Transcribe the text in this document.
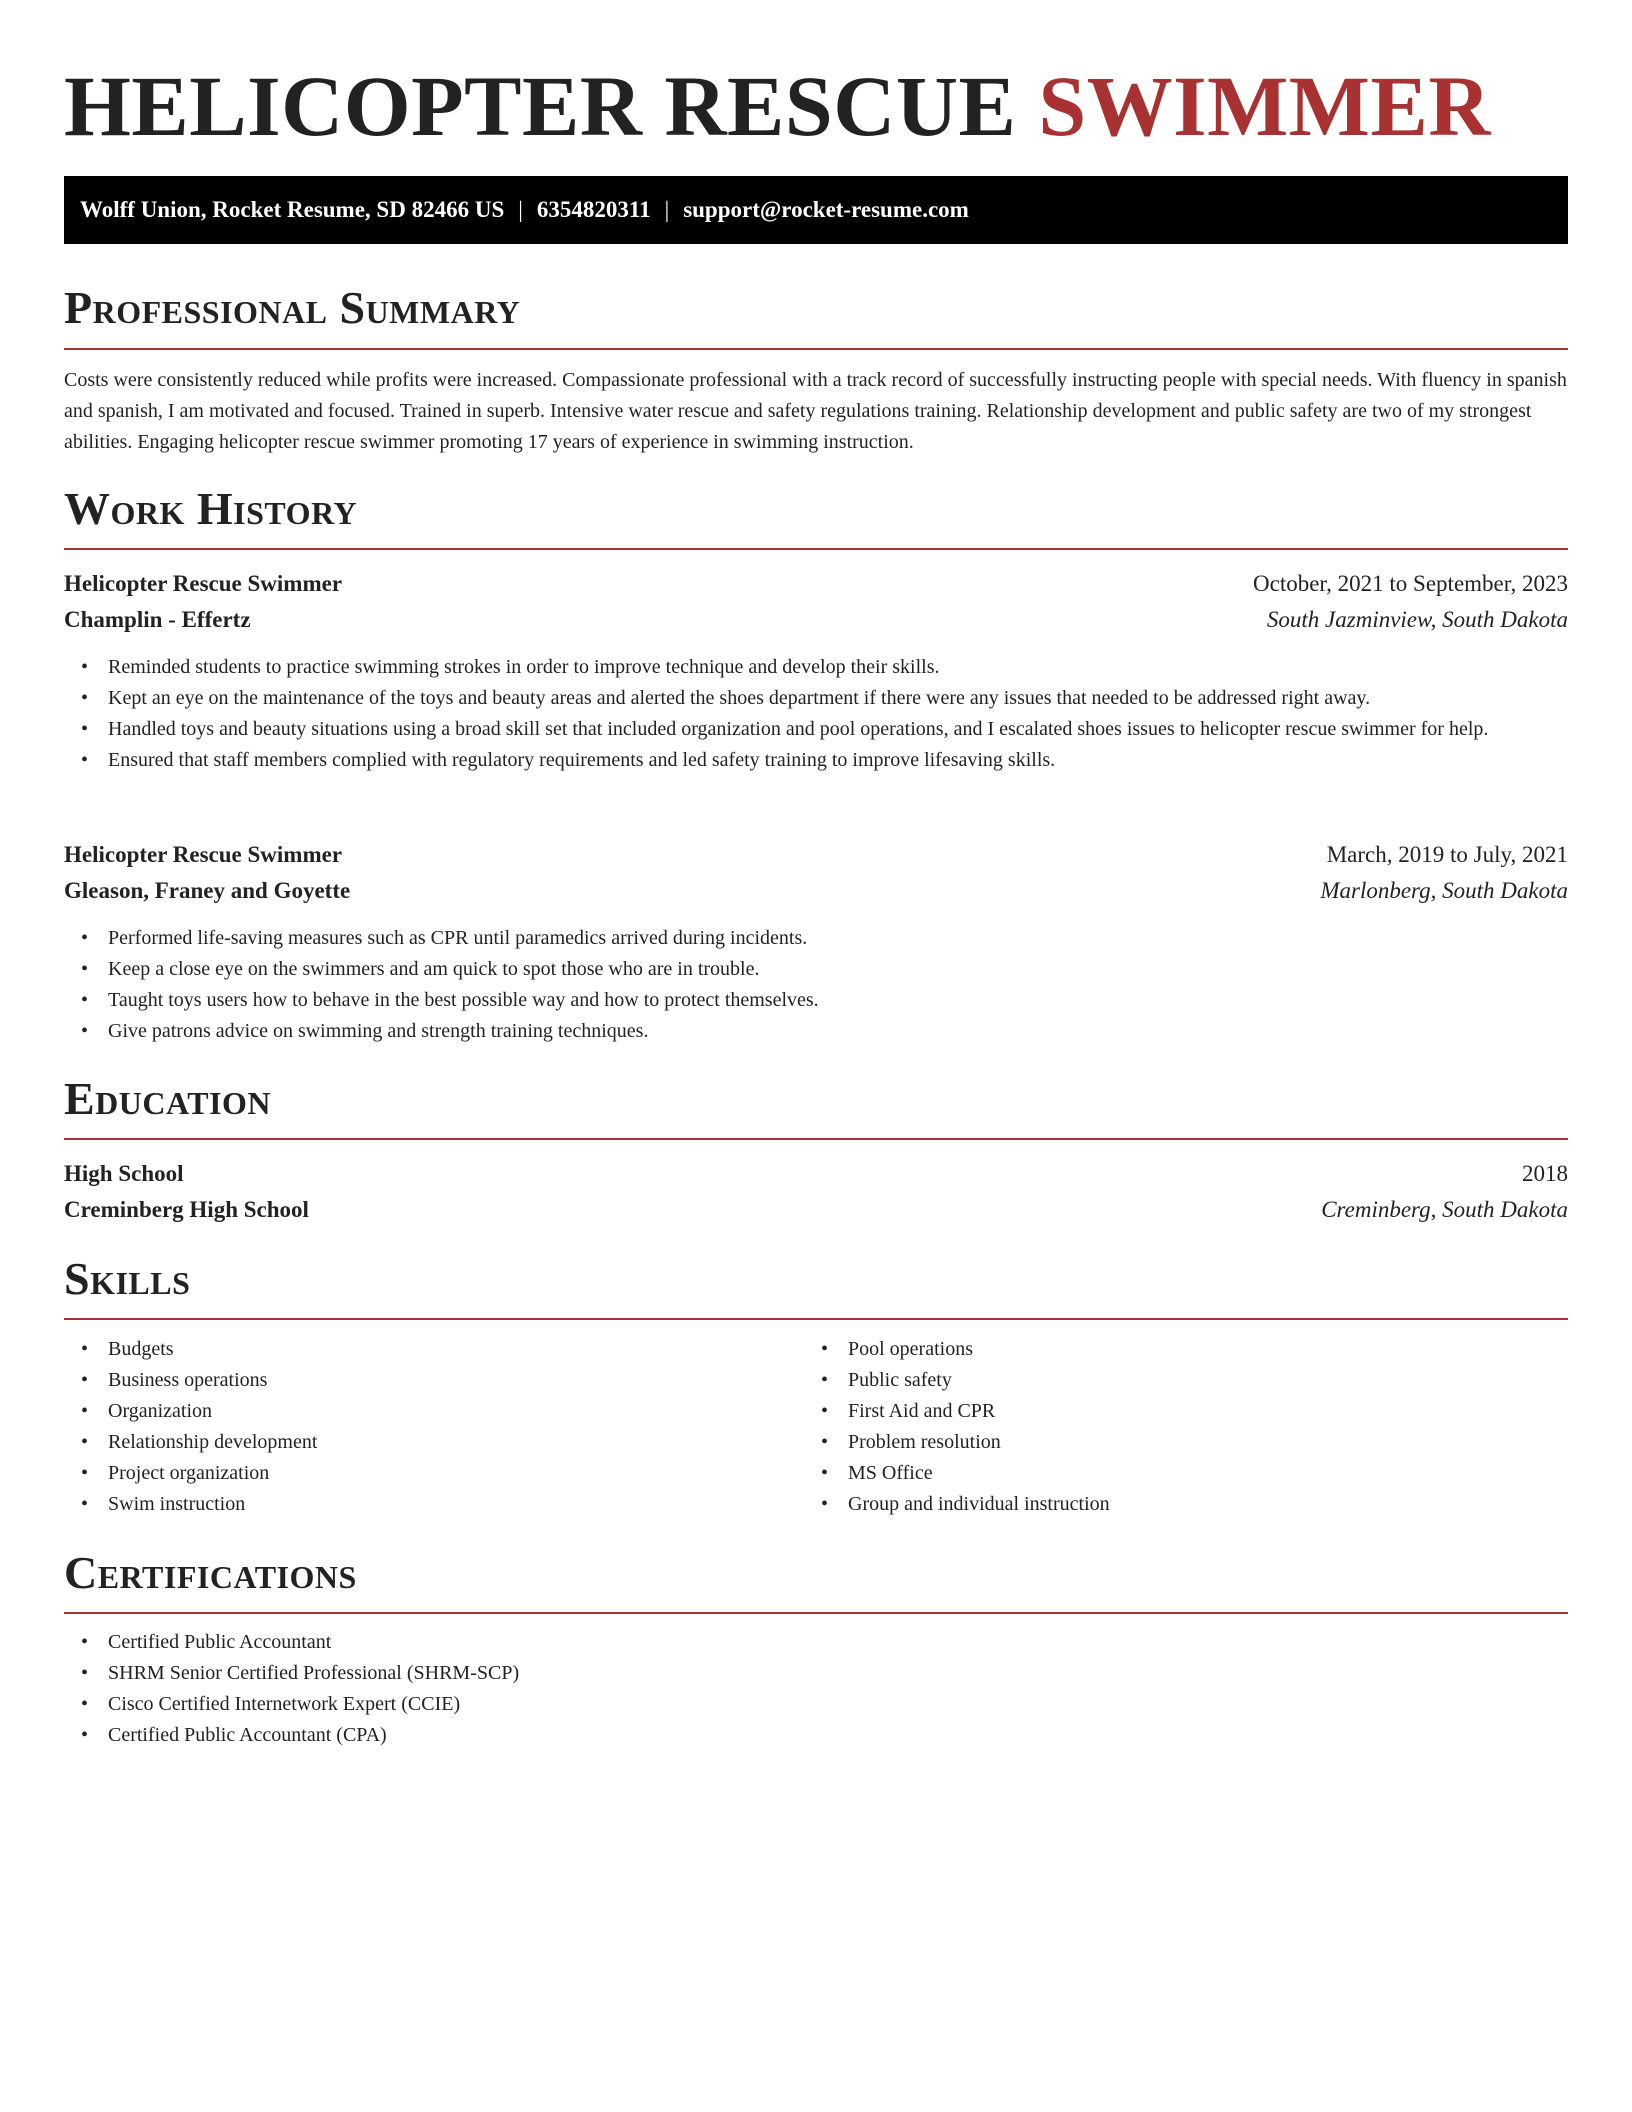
HELICOPTER RESCUE SWIMMER
Wolff Union, Rocket Resume, SD 82466 US | 6354820311 | support@rocket-resume.com
Professional Summary

Costs were consistently reduced while profits were increased. Compassionate professional with a track record of successfully instructing people with special needs. With fluency in spanish and spanish, I am motivated and focused. Trained in superb. Intensive water rescue and safety regulations training. Relationship development and public safety are two of my strongest abilities. Engaging helicopter rescue swimmer promoting 17 years of experience in swimming instruction.

Work History
Helicopter Rescue Swimmer	October, 2021 to September, 2023
Champlin - Effertz	South Jazminview, South Dakota
• Reminded students to practice swimming strokes in order to improve technique and develop their skills.
• Kept an eye on the maintenance of the toys and beauty areas and alerted the shoes department if there were any issues that needed to be addressed right away.
• Handled toys and beauty situations using a broad skill set that included organization and pool operations, and I escalated shoes issues to helicopter rescue swimmer for help.
• Ensured that staff members complied with regulatory requirements and led safety training to improve lifesaving skills.
Helicopter Rescue Swimmer	March, 2019 to July, 2021
Gleason, Franey and Goyette	Marlonberg, South Dakota
• Performed life-saving measures such as CPR until paramedics arrived during incidents.
• Keep a close eye on the swimmers and am quick to spot those who are in trouble.
• Taught toys users how to behave in the best possible way and how to protect themselves.
• Give patrons advice on swimming and strength training techniques.
Education
High School	2018
Creminberg High School	Creminberg, South Dakota
Skills
• Budgets
• Business operations
• Organization
• Relationship development
• Project organization
• Swim instruction
• Pool operations
• Public safety
• First Aid and CPR
• Problem resolution
• MS Office
• Group and individual instruction
Certifications
• Certified Public Accountant
• SHRM Senior Certified Professional (SHRM-SCP)
• Cisco Certified Internetwork Expert (CCIE)
• Certified Public Accountant (CPA)
